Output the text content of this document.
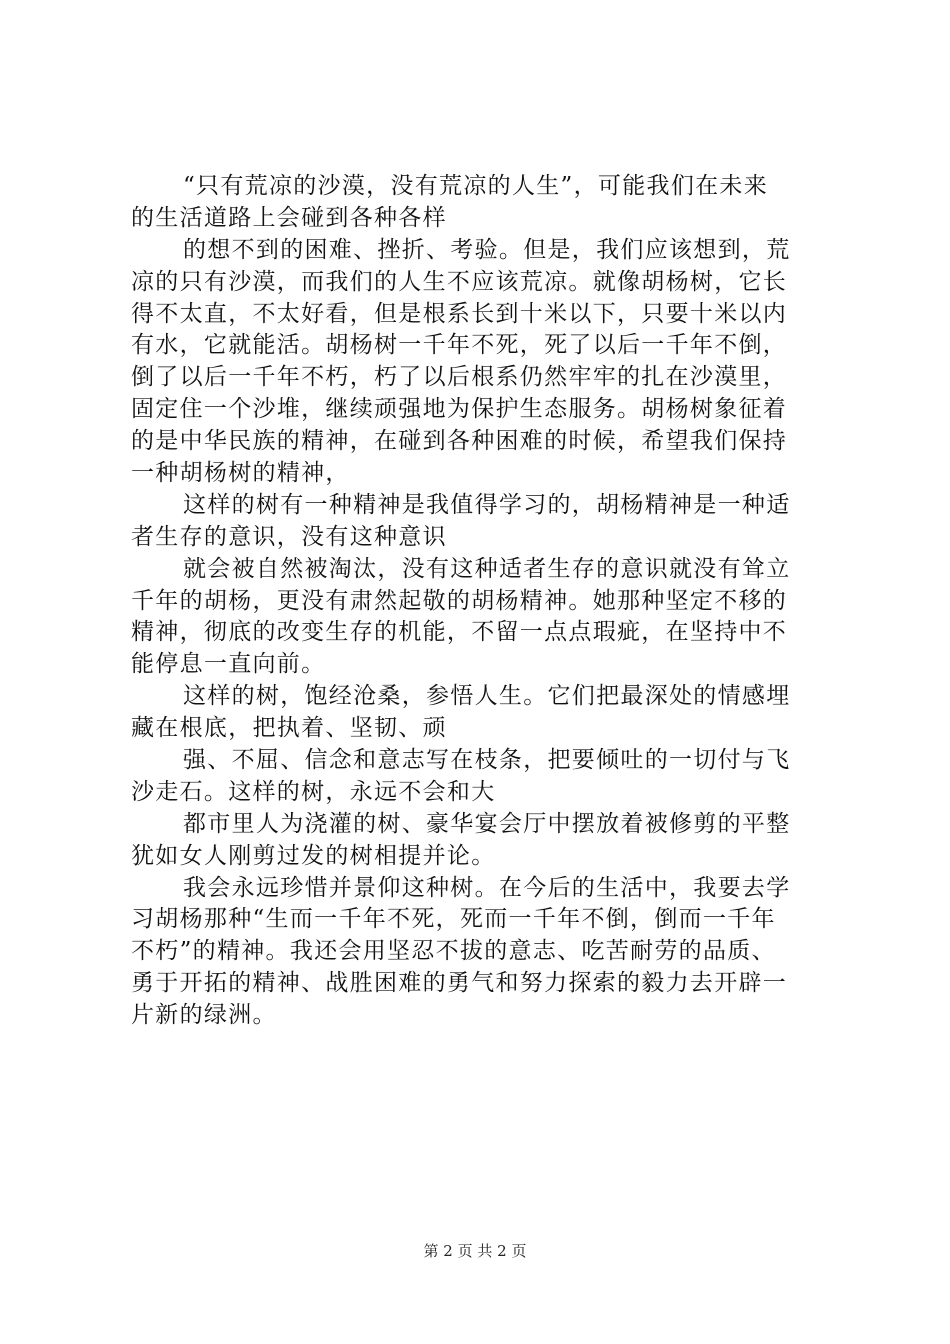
“只有荒凉的沙漠，没有荒凉的人生”，可能我们在未来
的生活道路上会碰到各种各样
的想不到的困难、挫折、考验。但是，我们应该想到，荒
凉的只有沙漠，而我们的人生不应该荒凉。就像胡杨树，它长
得不太直，不太好看，但是根系长到十米以下，只要十米以内
有水，它就能活。胡杨树一千年不死，死了以后一千年不倒，
倒了以后一千年不朽，朽了以后根系仍然牢牢的扎在沙漠里，
固定住一个沙堆，继续顽强地为保护生态服务。胡杨树象征着
的是中华民族的精神，在碰到各种困难的时候，希望我们保持
一种胡杨树的精神，
这样的树有一种精神是我值得学习的，胡杨精神是一种适
者生存的意识，没有这种意识
就会被自然被淘汰，没有这种适者生存的意识就没有耸立
千年的胡杨，更没有肃然起敬的胡杨精神。她那种坚定不移的
精神，彻底的改变生存的机能，不留一点点瑕疵，在坚持中不
能停息一直向前。
这样的树，饱经沧桑，参悟人生。它们把最深处的情感埋
藏在根底，把执着、坚韧、顽
强、不屈、信念和意志写在枝条，把要倾吐的一切付与飞
沙走石。这样的树，永远不会和大
都市里人为浇灌的树、豪华宴会厅中摆放着被修剪的平整
犹如女人刚剪过发的树相提并论。
我会永远珍惜并景仰这种树。在今后的生活中，我要去学
习胡杨那种“生而一千年不死，死而一千年不倒，倒而一千年
不朽”的精神。我还会用坚忍不拔的意志、吃苦耐劳的品质、
勇于开拓的精神、战胜困难的勇气和努力探索的毅力去开辟一
片新的绿洲。
第 2 页 共 2 页
